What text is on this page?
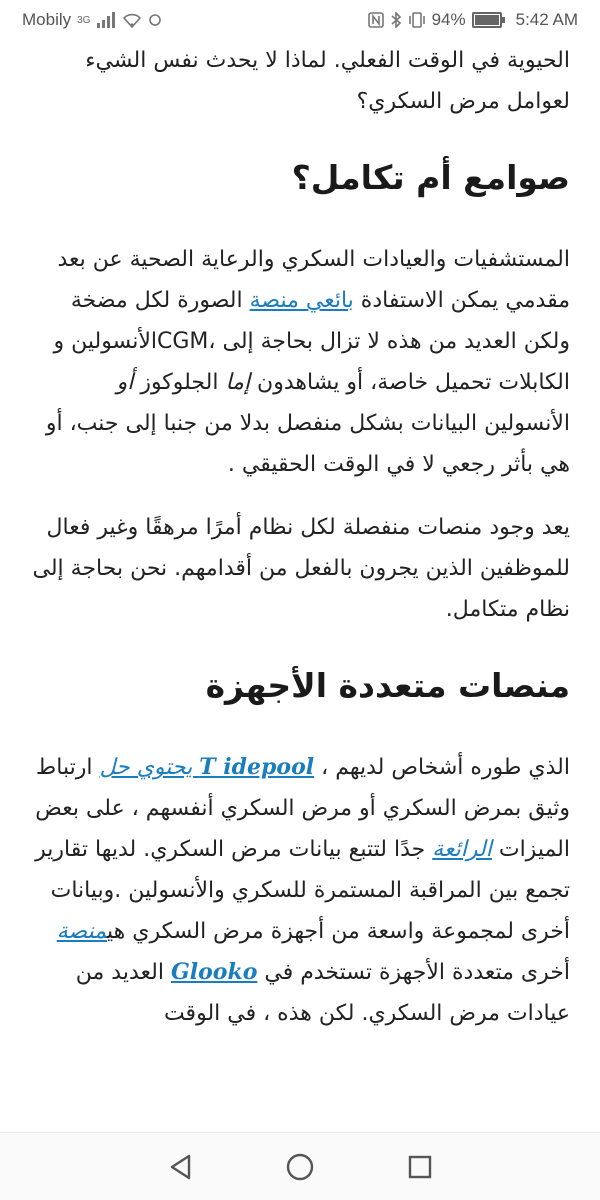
Mobily 3G	94%	5:42 AM

الحيوية في الوقت الفعلي. لماذا لا يحدث نفس الشيء لعوامل مرض السكري؟

صوامع أم تكامل؟

المستشفيات والعيادات السكري والرعاية الصحية عن بعد مقدمي يمكن الاستفادة بائعي منصة الصورة لكل مضخة ولكن العديد من هذه لا تزال بحاجة إلى ،CGMالأنسولين و الكابلات تحميل خاصة، أو يشاهدون إما الجلوكوز أو الأنسولين البيانات بشكل منفصل بدلا من جنبا إلى جنب، أو هي بأثر رجعي لا في الوقت الحقيقي .

يعد وجود منصات منفصلة لكل نظام أمرًا مرهقًا وغير فعال للموظفين الذين يجرون بالفعل من أقدامهم. نحن بحاجة إلى نظام متكامل.

منصات متعددة الأجهزة

الذي طوره أشخاص لديهم ، T idepool يحتوي حل ارتباط وثيق بمرض السكري أو مرض السكري أنفسهم ، على بعض الميزات الرائعة جدًا لتتبع بيانات مرض السكري. لديها تقارير تجمع بين المراقبة المستمرة للسكري والأنسولين .وبيانات أخرى لمجموعة واسعة من أجهزة مرض السكري هيمنصة أخرى متعددة الأجهزة تستخدم في Glooko العديد من عيادات مرض السكري. لكن هذه ، في الوقت
